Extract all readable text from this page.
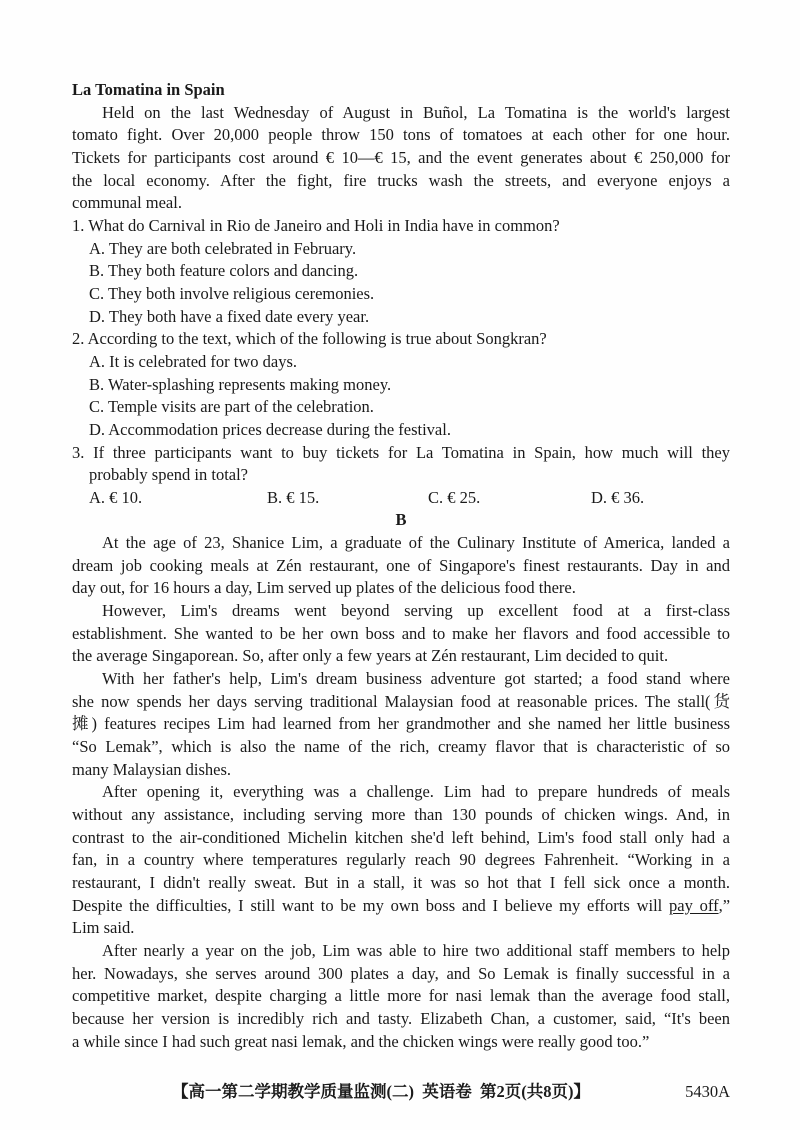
La Tomatina in Spain
Held on the last Wednesday of August in Buñol, La Tomatina is the world's largest
tomato fight. Over 20,000 people throw 150 tons of tomatoes at each other for one hour.
Tickets for participants cost around € 10—€ 15, and the event generates about € 250,000 for
the local economy. After the fight, fire trucks wash the streets, and everyone enjoys a
communal meal.
1. What do Carnival in Rio de Janeiro and Holi in India have in common?
A. They are both celebrated in February.
B. They both feature colors and dancing.
C. They both involve religious ceremonies.
D. They both have a fixed date every year.
2. According to the text, which of the following is true about Songkran?
A. It is celebrated for two days.
B. Water-splashing represents making money.
C. Temple visits are part of the celebration.
D. Accommodation prices decrease during the festival.
3. If three participants want to buy tickets for La Tomatina in Spain, how much will they
probably spend in total?
A. € 10.	B. € 15.	C. € 25.	D. € 36.
B
At the age of 23, Shanice Lim, a graduate of the Culinary Institute of America, landed a
dream job cooking meals at Zén restaurant, one of Singapore's finest restaurants. Day in and
day out, for 16 hours a day, Lim served up plates of the delicious food there.
However, Lim's dreams went beyond serving up excellent food at a first-class
establishment. She wanted to be her own boss and to make her flavors and food accessible to
the average Singaporean. So, after only a few years at Zén restaurant, Lim decided to quit.
With her father's help, Lim's dream business adventure got started; a food stand where
she now spends her days serving traditional Malaysian food at reasonable prices. The stall(货
摊) features recipes Lim had learned from her grandmother and she named her little business
“So Lemak”, which is also the name of the rich, creamy flavor that is characteristic of so
many Malaysian dishes.
After opening it, everything was a challenge. Lim had to prepare hundreds of meals
without any assistance, including serving more than 130 pounds of chicken wings. And, in
contrast to the air-conditioned Michelin kitchen she'd left behind, Lim's food stall only had a
fan, in a country where temperatures regularly reach 90 degrees Fahrenheit. “Working in a
restaurant, I didn't really sweat. But in a stall, it was so hot that I fell sick once a month.
Despite the difficulties, I still want to be my own boss and I believe my efforts will pay off,”
Lim said.
After nearly a year on the job, Lim was able to hire two additional staff members to help
her. Nowadays, she serves around 300 plates a day, and So Lemak is finally successful in a
competitive market, despite charging a little more for nasi lemak than the average food stall,
because her version is incredibly rich and tasty. Elizabeth Chan, a customer, said, “It's been
a while since I had such great nasi lemak, and the chicken wings were really good too.”
【高一第二学期教学质量监测(二)  英语卷  第2页(共8页)】	5430A
